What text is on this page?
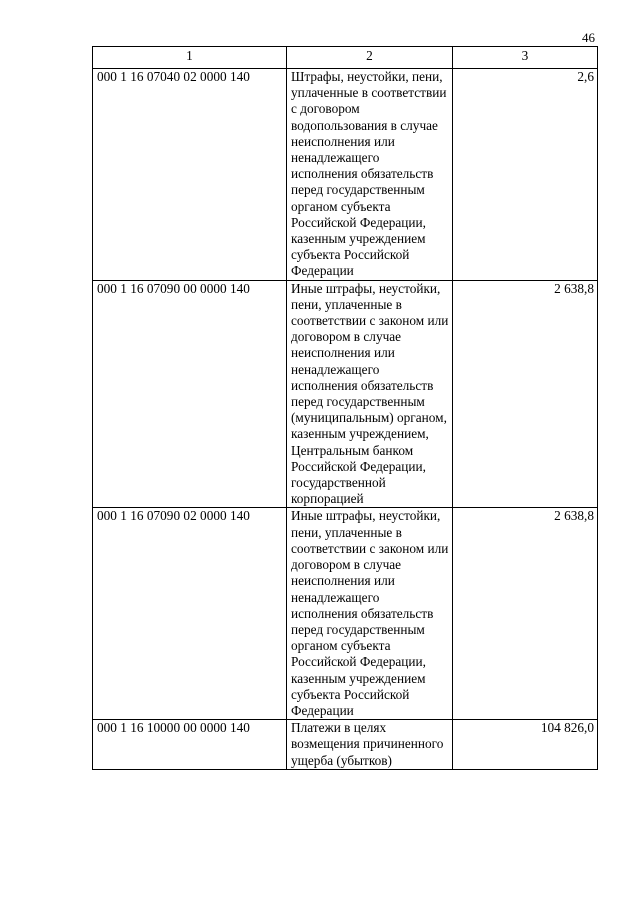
46
1	2	3
000 1 16 07040 02 0000 140	Штрафы, неустойки, пени, уплаченные в соответствии с договором водопользования в случае неисполнения или ненадлежащего исполнения обязательств перед государственным органом субъекта Российской Федерации, казенным учреждением субъекта Российской Федерации	2,6
000 1 16 07090 00 0000 140	Иные штрафы, неустойки, пени, уплаченные в соответствии с законом или договором в случае неисполнения или ненадлежащего исполнения обязательств перед государственным (муниципальным) органом, казенным учреждением, Центральным банком Российской Федерации, государственной корпорацией	2 638,8
000 1 16 07090 02 0000 140	Иные штрафы, неустойки, пени, уплаченные в соответствии с законом или договором в случае неисполнения или ненадлежащего исполнения обязательств перед государственным органом субъекта Российской Федерации, казенным учреждением субъекта Российской Федерации	2 638,8
000 1 16 10000 00 0000 140	Платежи в целях возмещения причиненного ущерба (убытков)	104 826,0
